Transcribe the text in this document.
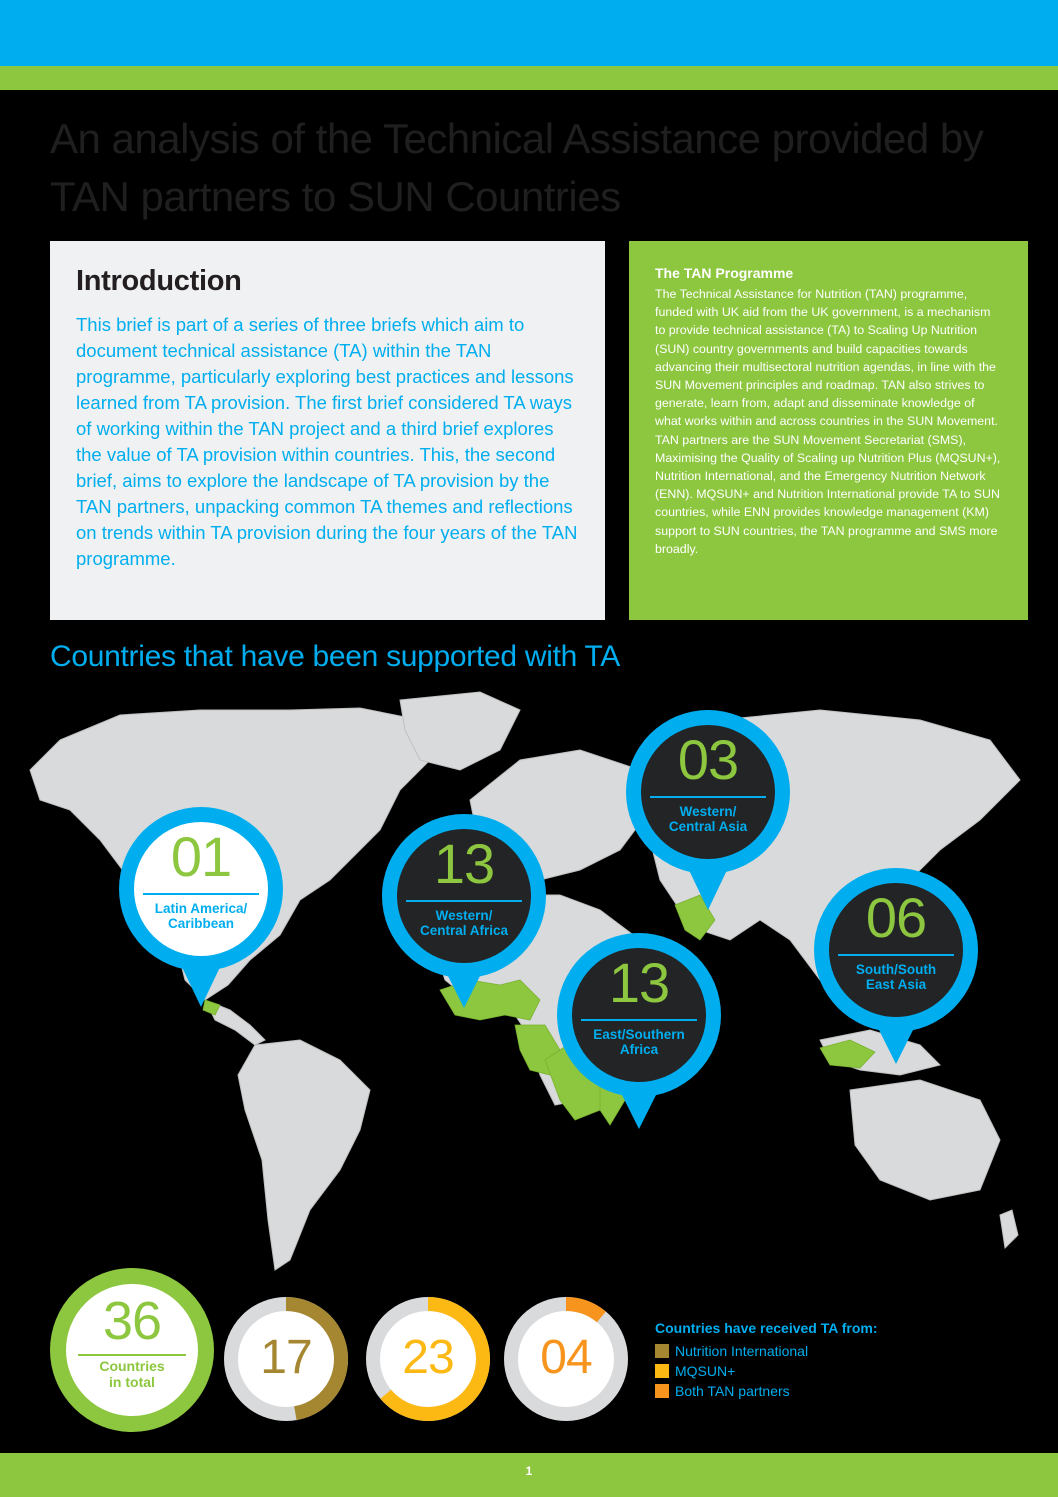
An analysis of the Technical Assistance provided by TAN partners to SUN Countries
Introduction

This brief is part of a series of three briefs which aim to document technical assistance (TA) within the TAN programme, particularly exploring best practices and lessons learned from TA provision. The first brief considered TA ways of working within the TAN project and a third brief explores the value of TA provision within countries. This, the second brief, aims to explore the landscape of TA provision by the TAN partners, unpacking common TA themes and reflections on trends within TA provision during the four years of the TAN programme.

The TAN Programme

The Technical Assistance for Nutrition (TAN) programme, funded with UK aid from the UK government, is a mechanism to provide technical assistance (TA) to Scaling Up Nutrition (SUN) country governments and build capacities towards advancing their multisectoral nutrition agendas, in line with the SUN Movement principles and roadmap. TAN also strives to generate, learn from, adapt and disseminate knowledge of what works within and across countries in the SUN Movement. TAN partners are the SUN Movement Secretariat (SMS), Maximising the Quality of Scaling up Nutrition Plus (MQSUN+), Nutrition International, and the Emergency Nutrition Network (ENN). MQSUN+ and Nutrition International provide TA to SUN countries, while ENN provides knowledge management (KM) support to SUN countries, the TAN programme and SMS more broadly.

Countries that have been supported with TA
01
Latin America/
Caribbean
13
Western/
Central Africa
03
Western/
Central Asia
13
East/Southern
Africa
06
South/South
East Asia
36
Countries
in total	17	23	04
Countries have received TA from:
Nutrition International
MQSUN+
Both TAN partners
1
